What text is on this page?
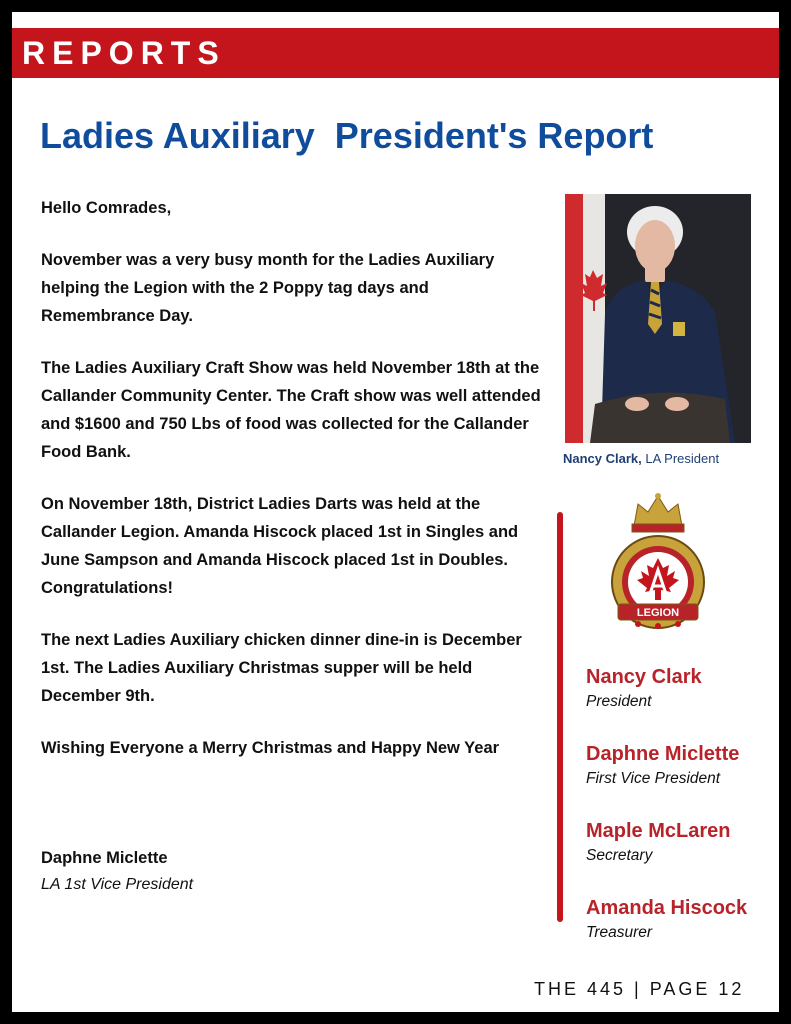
REPORTS
Ladies Auxiliary  President's Report

Hello Comrades,

November was a very busy month for the Ladies Auxiliary helping the Legion with the 2 Poppy tag days and Remembrance Day.

The Ladies Auxiliary Craft Show was held November 18th at the Callander Community Center. The Craft show was well attended and $1600 and 750 Lbs of food was collected for the Callander Food Bank.

On November 18th, District Ladies Darts was held at the Callander Legion. Amanda Hiscock placed 1st in Singles and June Sampson and Amanda Hiscock placed 1st in Doubles. Congratulations!

The next Ladies Auxiliary chicken dinner dine-in is December 1st. The Ladies Auxiliary Christmas supper will be held December 9th.

Wishing Everyone a Merry Christmas and Happy New Year

Daphne Miclette
LA 1st Vice President
Nancy Clark, LA President
LEGION
Nancy Clark
President
Daphne Miclette
First Vice President
Maple McLaren
Secretary
Amanda Hiscock
Treasurer
THE 445 | PAGE 12
